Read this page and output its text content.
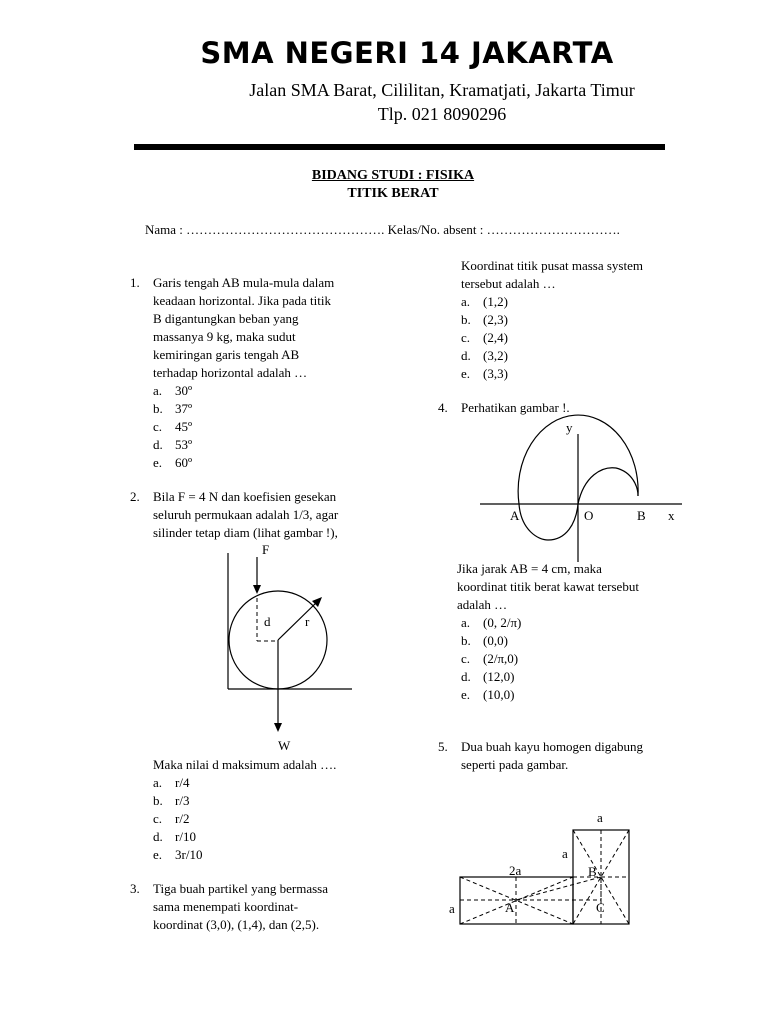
SMA NEGERI 14 JAKARTA
Jalan SMA Barat, Cililitan, Kramatjati, Jakarta Timur
Tlp. 021 8090296
BIDANG STUDI : FISIKA
TITIK BERAT
Nama : ………………………………………. Kelas/No. absent : ………………………….
1. Garis tengah AB mula-mula dalam
keadaan horizontal. Jika pada titik
B digantungkan beban yang
massanya 9 kg, maka sudut
kemiringan garis tengah AB
terhadap horizontal adalah …
a. 30º
b. 37º
c. 45º
d. 53º
e. 60º
2. Bila F = 4 N dan koefisien gesekan
seluruh permukaan adalah 1/3, agar
silinder tetap diam (lihat gambar !),
F
d	r
W
Maka nilai d maksimum adalah ….
a. r/4
b. r/3
c. r/2
d. r/10
e. 3r/10
3. Tiga buah partikel yang bermassa
sama menempati koordinat-
koordinat (3,0), (1,4), dan (2,5).
Koordinat titik pusat massa system
tersebut adalah …
a. (1,2)
b. (2,3)
c. (2,4)
d. (3,2)
e. (3,3)
4. Perhatikan gambar !.
y
A	O	B x
Jika jarak AB = 4 cm, maka
koordinat titik berat kawat tersebut
adalah …
a. (0, 2/π)
b. (0,0)
c. (2/π,0)
d. (12,0)
e. (10,0)
5. Dua buah kayu homogen digabung
seperti pada gambar.
a
a
2a
a	A
B
C
